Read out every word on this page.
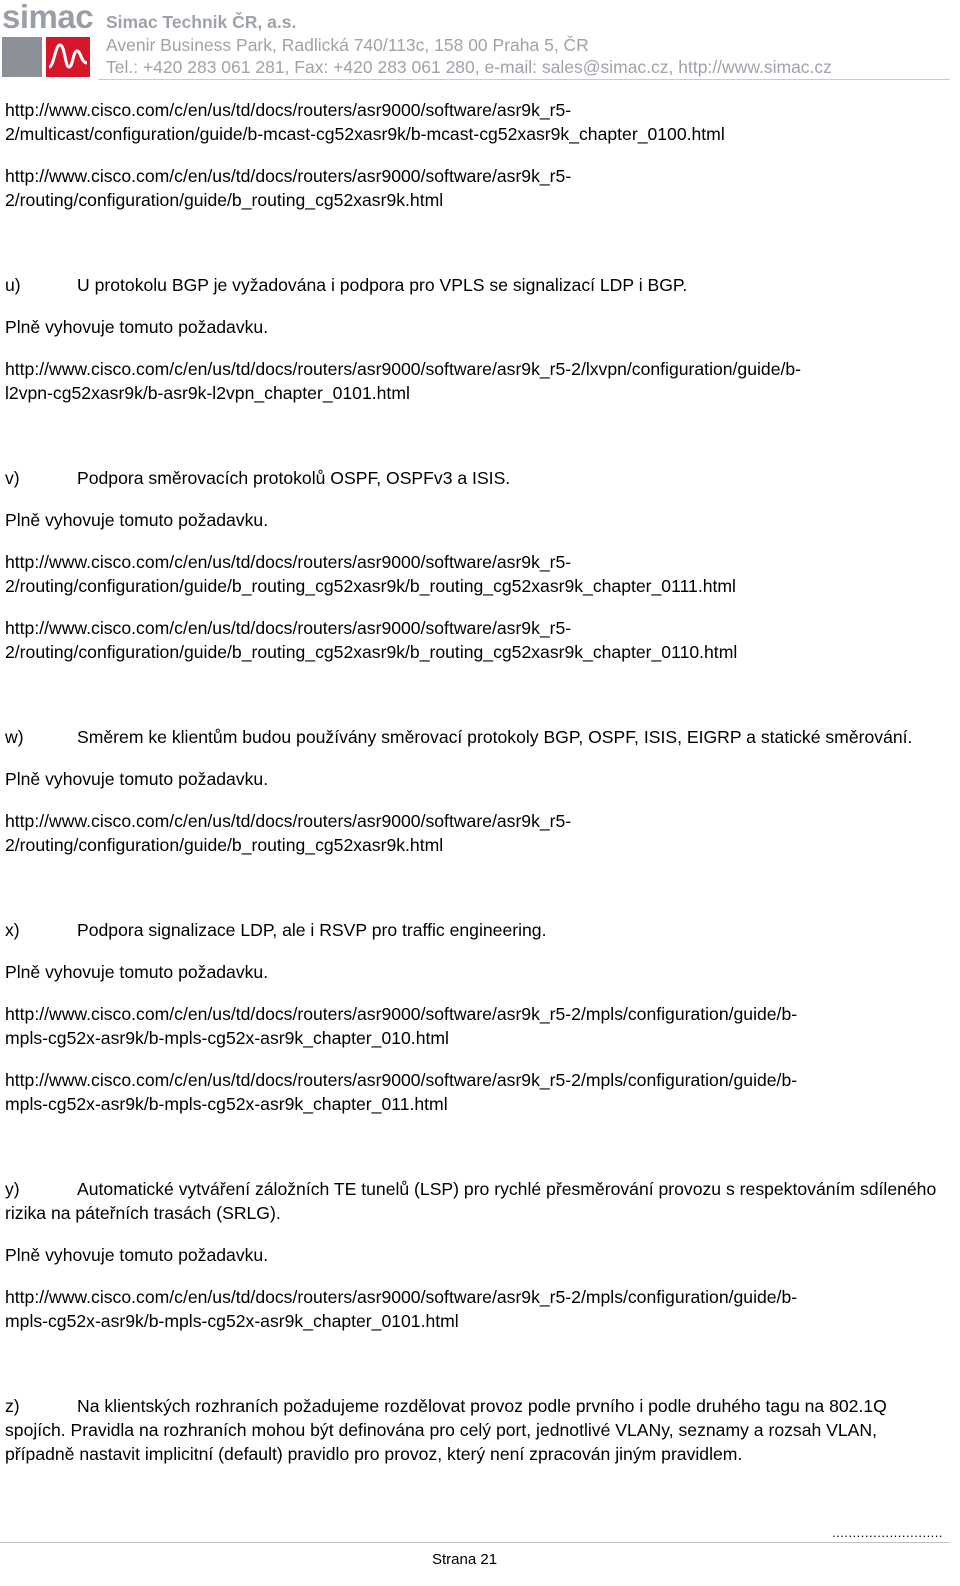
simac Simac Technik ČR, a.s.
Avenir Business Park, Radlická 740/113c, 158 00 Praha 5, ČR
Tel.: +420 283 061 281, Fax: +420 283 061 280, e-mail: sales@simac.cz, http://www.simac.cz
http://www.cisco.com/c/en/us/td/docs/routers/asr9000/software/asr9k_r5-
2/multicast/configuration/guide/b-mcast-cg52xasr9k/b-mcast-cg52xasr9k_chapter_0100.html
http://www.cisco.com/c/en/us/td/docs/routers/asr9000/software/asr9k_r5-
2/routing/configuration/guide/b_routing_cg52xasr9k.html
u)	U protokolu BGP je vyžadována i podpora pro VPLS se signalizací LDP i BGP.
Plně vyhovuje tomuto požadavku.
http://www.cisco.com/c/en/us/td/docs/routers/asr9000/software/asr9k_r5-2/lxvpn/configuration/guide/b-
l2vpn-cg52xasr9k/b-asr9k-l2vpn_chapter_0101.html
v)	Podpora směrovacích protokolů OSPF, OSPFv3 a ISIS.
Plně vyhovuje tomuto požadavku.
http://www.cisco.com/c/en/us/td/docs/routers/asr9000/software/asr9k_r5-
2/routing/configuration/guide/b_routing_cg52xasr9k/b_routing_cg52xasr9k_chapter_0111.html
http://www.cisco.com/c/en/us/td/docs/routers/asr9000/software/asr9k_r5-
2/routing/configuration/guide/b_routing_cg52xasr9k/b_routing_cg52xasr9k_chapter_0110.html
w)	Směrem ke klientům budou používány směrovací protokoly BGP, OSPF, ISIS, EIGRP a statické směrování.
Plně vyhovuje tomuto požadavku.
http://www.cisco.com/c/en/us/td/docs/routers/asr9000/software/asr9k_r5-
2/routing/configuration/guide/b_routing_cg52xasr9k.html
x)	Podpora signalizace LDP, ale i RSVP pro traffic engineering.
Plně vyhovuje tomuto požadavku.
http://www.cisco.com/c/en/us/td/docs/routers/asr9000/software/asr9k_r5-2/mpls/configuration/guide/b-
mpls-cg52x-asr9k/b-mpls-cg52x-asr9k_chapter_010.html
http://www.cisco.com/c/en/us/td/docs/routers/asr9000/software/asr9k_r5-2/mpls/configuration/guide/b-
mpls-cg52x-asr9k/b-mpls-cg52x-asr9k_chapter_011.html
y)	Automatické vytváření záložních TE tunelů (LSP) pro rychlé přesměrování provozu s respektováním sdíleného rizika na páteřních trasách (SRLG).
Plně vyhovuje tomuto požadavku.
http://www.cisco.com/c/en/us/td/docs/routers/asr9000/software/asr9k_r5-2/mpls/configuration/guide/b-
mpls-cg52x-asr9k/b-mpls-cg52x-asr9k_chapter_0101.html
z)	Na klientských rozhraních požadujeme rozdělovat provoz podle prvního i podle druhého tagu na 802.1Q spojích. Pravidla na rozhraních mohou být definována pro celý port, jednotlivé VLANy, seznamy a rozsah VLAN, případně nastavit implicitní (default) pravidlo pro provoz, který není zpracován jiným pravidlem.
...........................
Strana 21
